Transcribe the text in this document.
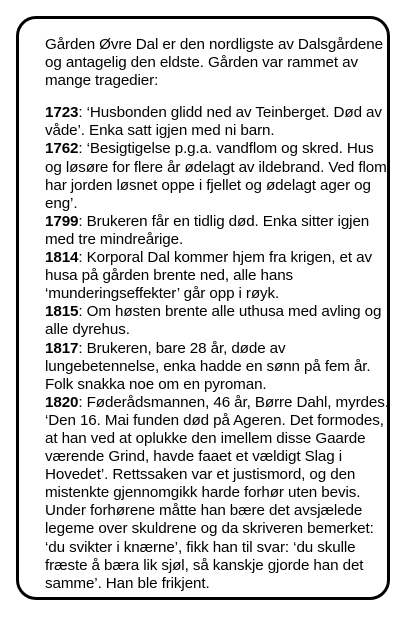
Gården Øvre Dal er den nordligste av Dalsgårdene og antagelig den eldste. Gården var rammet av mange tragedier:

1723: ‘Husbonden glidd ned av Teinberget. Død av våde’. Enka satt igjen med ni barn.

1762: ‘Besigtigelse p.g.a. vandflom og skred. Hus og løsøre for flere år ødelagt av ildebrand. Ved flom har jorden løsnet oppe i fjellet og ødelagt ager og eng’.

1799: Brukeren får en tidlig død. Enka sitter igjen med tre mindreårige.

1814: Korporal Dal kommer hjem fra krigen, et av husa på gården brente ned, alle hans ‘munderingseffekter’ går opp i røyk.

1815: Om høsten brente alle uthusa med avling og alle dyrehus.

1817: Brukeren, bare 28 år, døde av lungebetennelse, enka hadde en sønn på fem år. Folk snakka noe om en pyroman.

1820: Føderådsmannen, 46 år, Børre Dahl, myrdes. ‘Den 16. Mai funden død på Ageren. Det formodes, at han ved at oplukke den imellem disse Gaarde værende Grind, havde faaet et vældigt Slag i Hovedet’. Rettssaken var et justismord, og den mistenkte gjennomgikk harde forhør uten bevis. Under forhørene måtte han bære det avsjælede legeme over skuldrene og da skriveren bemerket: ‘du svikter i knærne’, fikk han til svar: ‘du skulle fræste å bæra lik sjøl, så kanskje gjorde han det samme’. Han ble frikjent.
